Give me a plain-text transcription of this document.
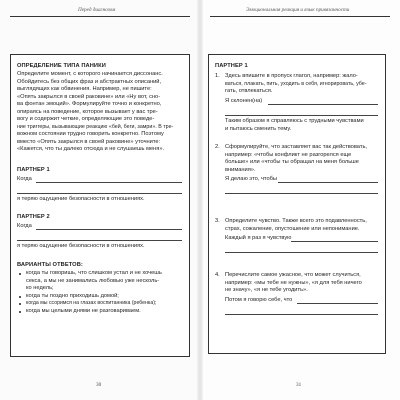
Перед диагнозом	Эмоциональная реакция и язык привязанности
ОПРЕДЕЛЕНИЕ ТИПА ПАНИКИ
Определите момент, с которого начинается диссонанс.
Обойдитесь без общих фраз и абстрактных описаний,
выглядящих как обвинения. Например, не пишите:
«Опять закрылся в своей раковине» или «Ну вот, сно-
ва фонтан эмоций». Формулируйте точно и конкретно,
опираясь на поведение, которое вызывает у вас тре-
вогу и содержит четкие, определяющие это поведе-
ние триггеры, вызывающие реакцию «бей, беги, замри». В тре-
вожном состоянии трудно говорить конкретно. Поэтому
вместо «Опять закрылся в своей раковине» уточните:
«Кажется, что ты далеко отсюда и не слушаешь меня».
ПАРТНЕР 1
Когда
я теряю ощущение безопасности в отношениях.
ПАРТНЕР 2
Когда
я теряю ощущение безопасности в отношениях.
ВАРИАНТЫ ОТВЕТОВ:
когда ты говоришь, что слишком устал и не хочешь
секса, а мы не занимались любовью уже несколь-
ко недель;
когда ты поздно приходишь домой;
когда мы ссоримся на глазах воспитанника (ребенка);
когда мы целыми днями не разговариваем.
ПАРТНЕР 1
1. Здесь впишите в пропуск глагол, например: жало-
ваться, плакать, пить, уходить в себя, игнорировать, убе-
гать, отвлекаться.
Я склонен(на)
Таким образом я справляюсь с трудными чувствами
и пытаюсь сменить тему.
2. Сформулируйте, что заставляет вас так действовать,
например: «чтобы конфликт не разгорелся еще
больше» или «чтобы ты обращал на меня больше
внимания».
Я делаю это, чтобы
3. Определите чувство. Также всего это подавленность,
страх, сожаление, опустошение или непонимание.
Каждый я раз я чувствую
4. Перечислите самое ужасное, что может случиться,
например: «мы тебе не нужны», «я для тебя ничего
не значу», «я не тебе угодить».
Потом я говорю себе, что
30	31
